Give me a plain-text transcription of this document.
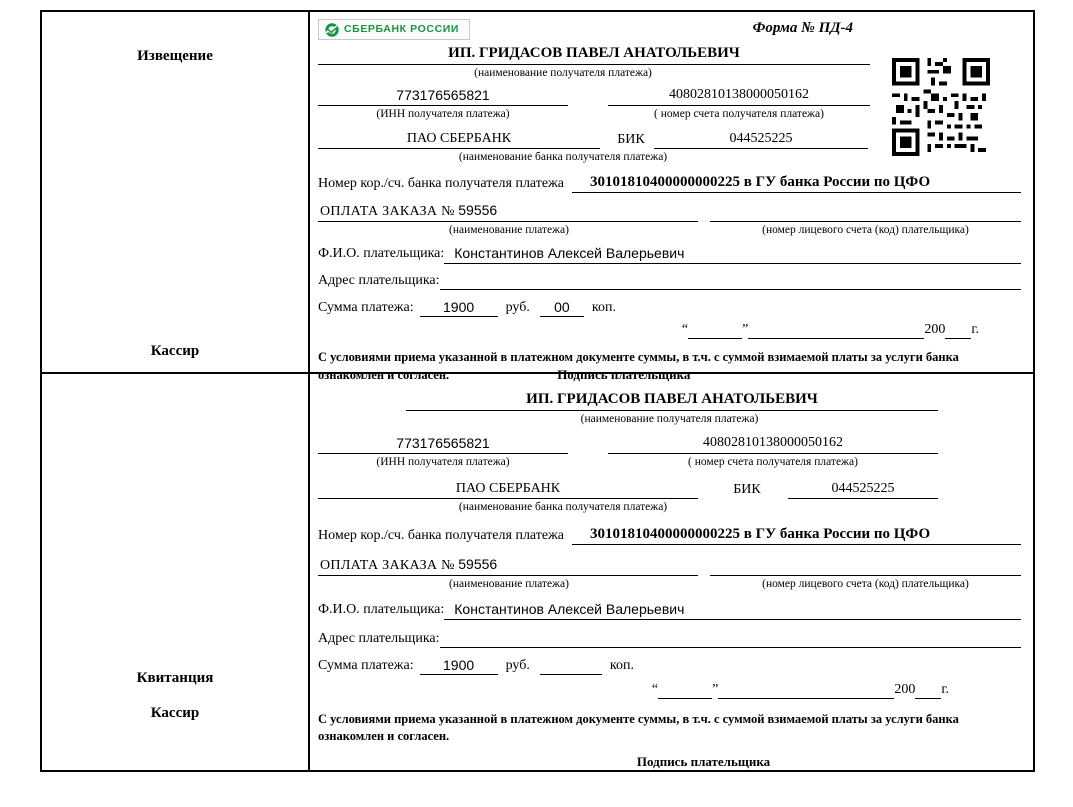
Извещение
Кассир
СБЕРБАНК РОССИИ	Форма № ПД-4
ИП. ГРИДАСОВ ПАВЕЛ АНАТОЛЬЕВИЧ
(наименование получателя платежа)
773176565821	40802810138000050162
(ИНН получателя платежа)	( номер счета получателя платежа)
ПАО СБЕРБАНК	БИК	044525225
(наименование банка получателя платежа)
Номер кор./сч. банка получателя платежа	30101810400000000225 в ГУ банка России по ЦФО
ОПЛАТА ЗАКАЗА № 59556
(наименование платежа)	(номер лицевого счета (код) плательщика)
Ф.И.О. плательщика: Константинов Алексей Валерьевич
Адрес плательщика:
Сумма платежа:	1900	руб.	00	коп.
“	”	200 г.
С условиями приема указанной в платежном документе суммы, в т.ч. с суммой взимаемой платы за услуги банка
ознакомлен и согласен.	Подпись плательщика
Квитанция
Кассир
ИП. ГРИДАСОВ ПАВЕЛ АНАТОЛЬЕВИЧ
(наименование получателя платежа)
773176565821	40802810138000050162
(ИНН получателя платежа)	( номер счета получателя платежа)
ПАО СБЕРБАНК	БИК	044525225
(наименование банка получателя платежа)
Номер кор./сч. банка получателя платежа	30101810400000000225 в ГУ банка России по ЦФО
ОПЛАТА ЗАКАЗА № 59556
(наименование платежа)	(номер лицевого счета (код) плательщика)
Ф.И.О. плательщика: Константинов Алексей Валерьевич
Адрес плательщика:
Сумма платежа:	1900	руб.	коп.
“	”	200 г.
С условиями приема указанной в платежном документе суммы, в т.ч. с суммой взимаемой платы за услуги банка
ознакомлен и согласен.
Подпись плательщика
